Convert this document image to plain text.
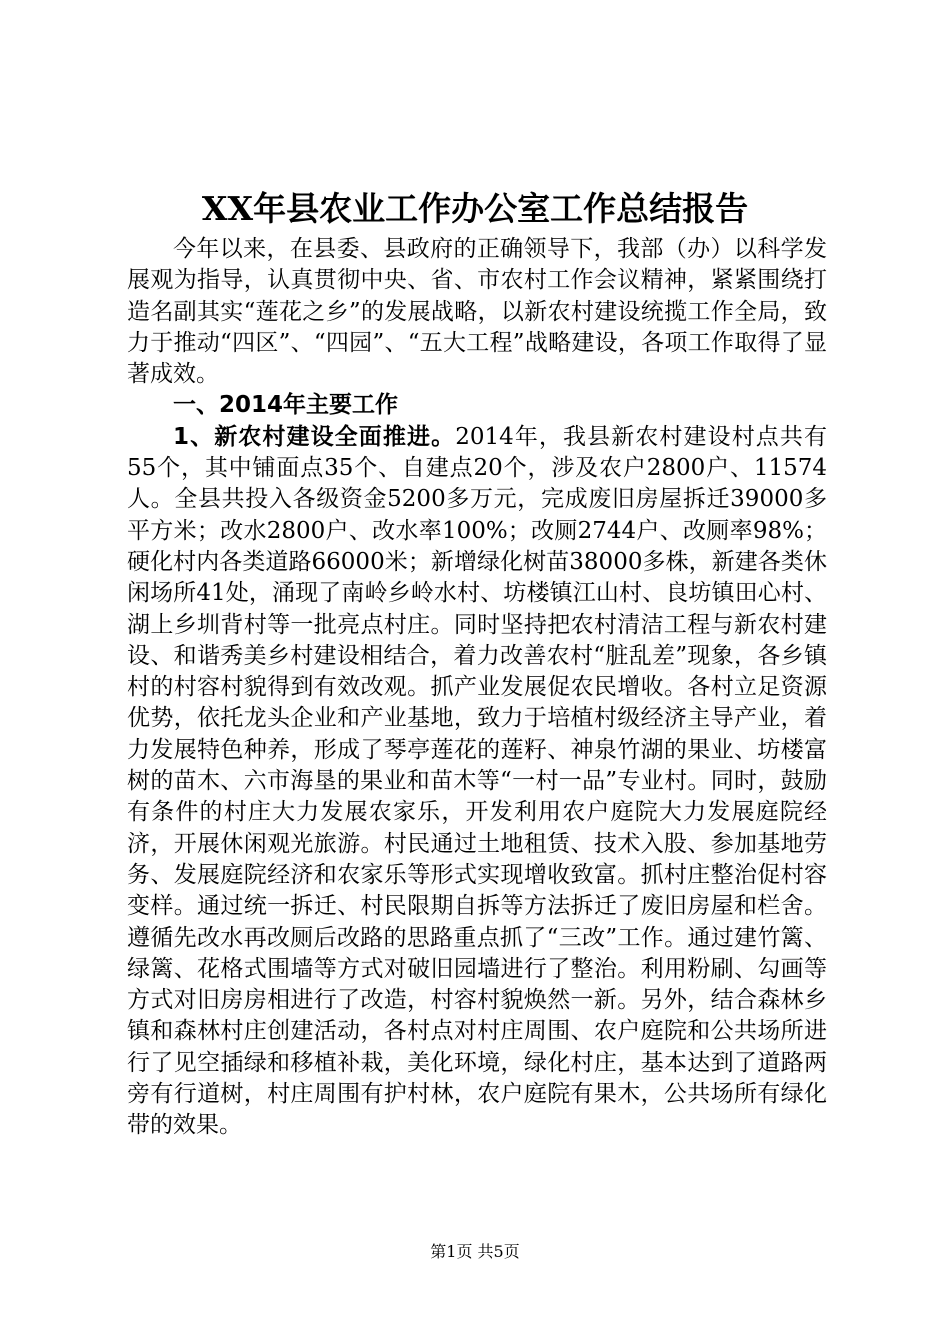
XX年县农业工作办公室工作总结报告

今年以来，在县委、县政府的正确领导下，我部（办）以科学发展观为指导，认真贯彻中央、省、市农村工作会议精神，紧紧围绕打造名副其实“莲花之乡”的发展战略，以新农村建设统揽工作全局，致力于推动“四区”、“四园”、“五大工程”战略建设，各项工作取得了显著成效。

一、2014年主要工作

1、新农村建设全面推进。2014年，我县新农村建设村点共有55个，其中铺面点35个、自建点20个，涉及农户2800户、11574人。全县共投入各级资金5200多万元，完成废旧房屋拆迁39000多平方米；改水2800户、改水率100%；改厕2744户、改厕率98%；硬化村内各类道路66000米；新增绿化树苗38000多株，新建各类休闲场所41处，涌现了南岭乡岭水村、坊楼镇江山村、良坊镇田心村、湖上乡圳背村等一批亮点村庄。同时坚持把农村清洁工程与新农村建设、和谐秀美乡村建设相结合，着力改善农村“脏乱差”现象，各乡镇村的村容村貌得到有效改观。抓产业发展促农民增收。各村立足资源优势，依托龙头企业和产业基地，致力于培植村级经济主导产业，着力发展特色种养，形成了琴亭莲花的莲籽、神泉竹湖的果业、坊楼富树的苗木、六市海垦的果业和苗木等“一村一品”专业村。同时，鼓励有条件的村庄大力发展农家乐，开发利用农户庭院大力发展庭院经济，开展休闲观光旅游。村民通过土地租赁、技术入股、参加基地劳务、发展庭院经济和农家乐等形式实现增收致富。抓村庄整治促村容变样。通过统一拆迁、村民限期自拆等方法拆迁了废旧房屋和栏舍。遵循先改水再改厕后改路的思路重点抓了“三改”工作。通过建竹篱、绿篱、花格式围墙等方式对破旧园墙进行了整治。利用粉刷、勾画等方式对旧房房相进行了改造，村容村貌焕然一新。另外，结合森林乡镇和森林村庄创建活动，各村点对村庄周围、农户庭院和公共场所进行了见空插绿和移植补栽，美化环境，绿化村庄，基本达到了道路两旁有行道树，村庄周围有护村林，农户庭院有果木，公共场所有绿化带的效果。

第1页 共5页
